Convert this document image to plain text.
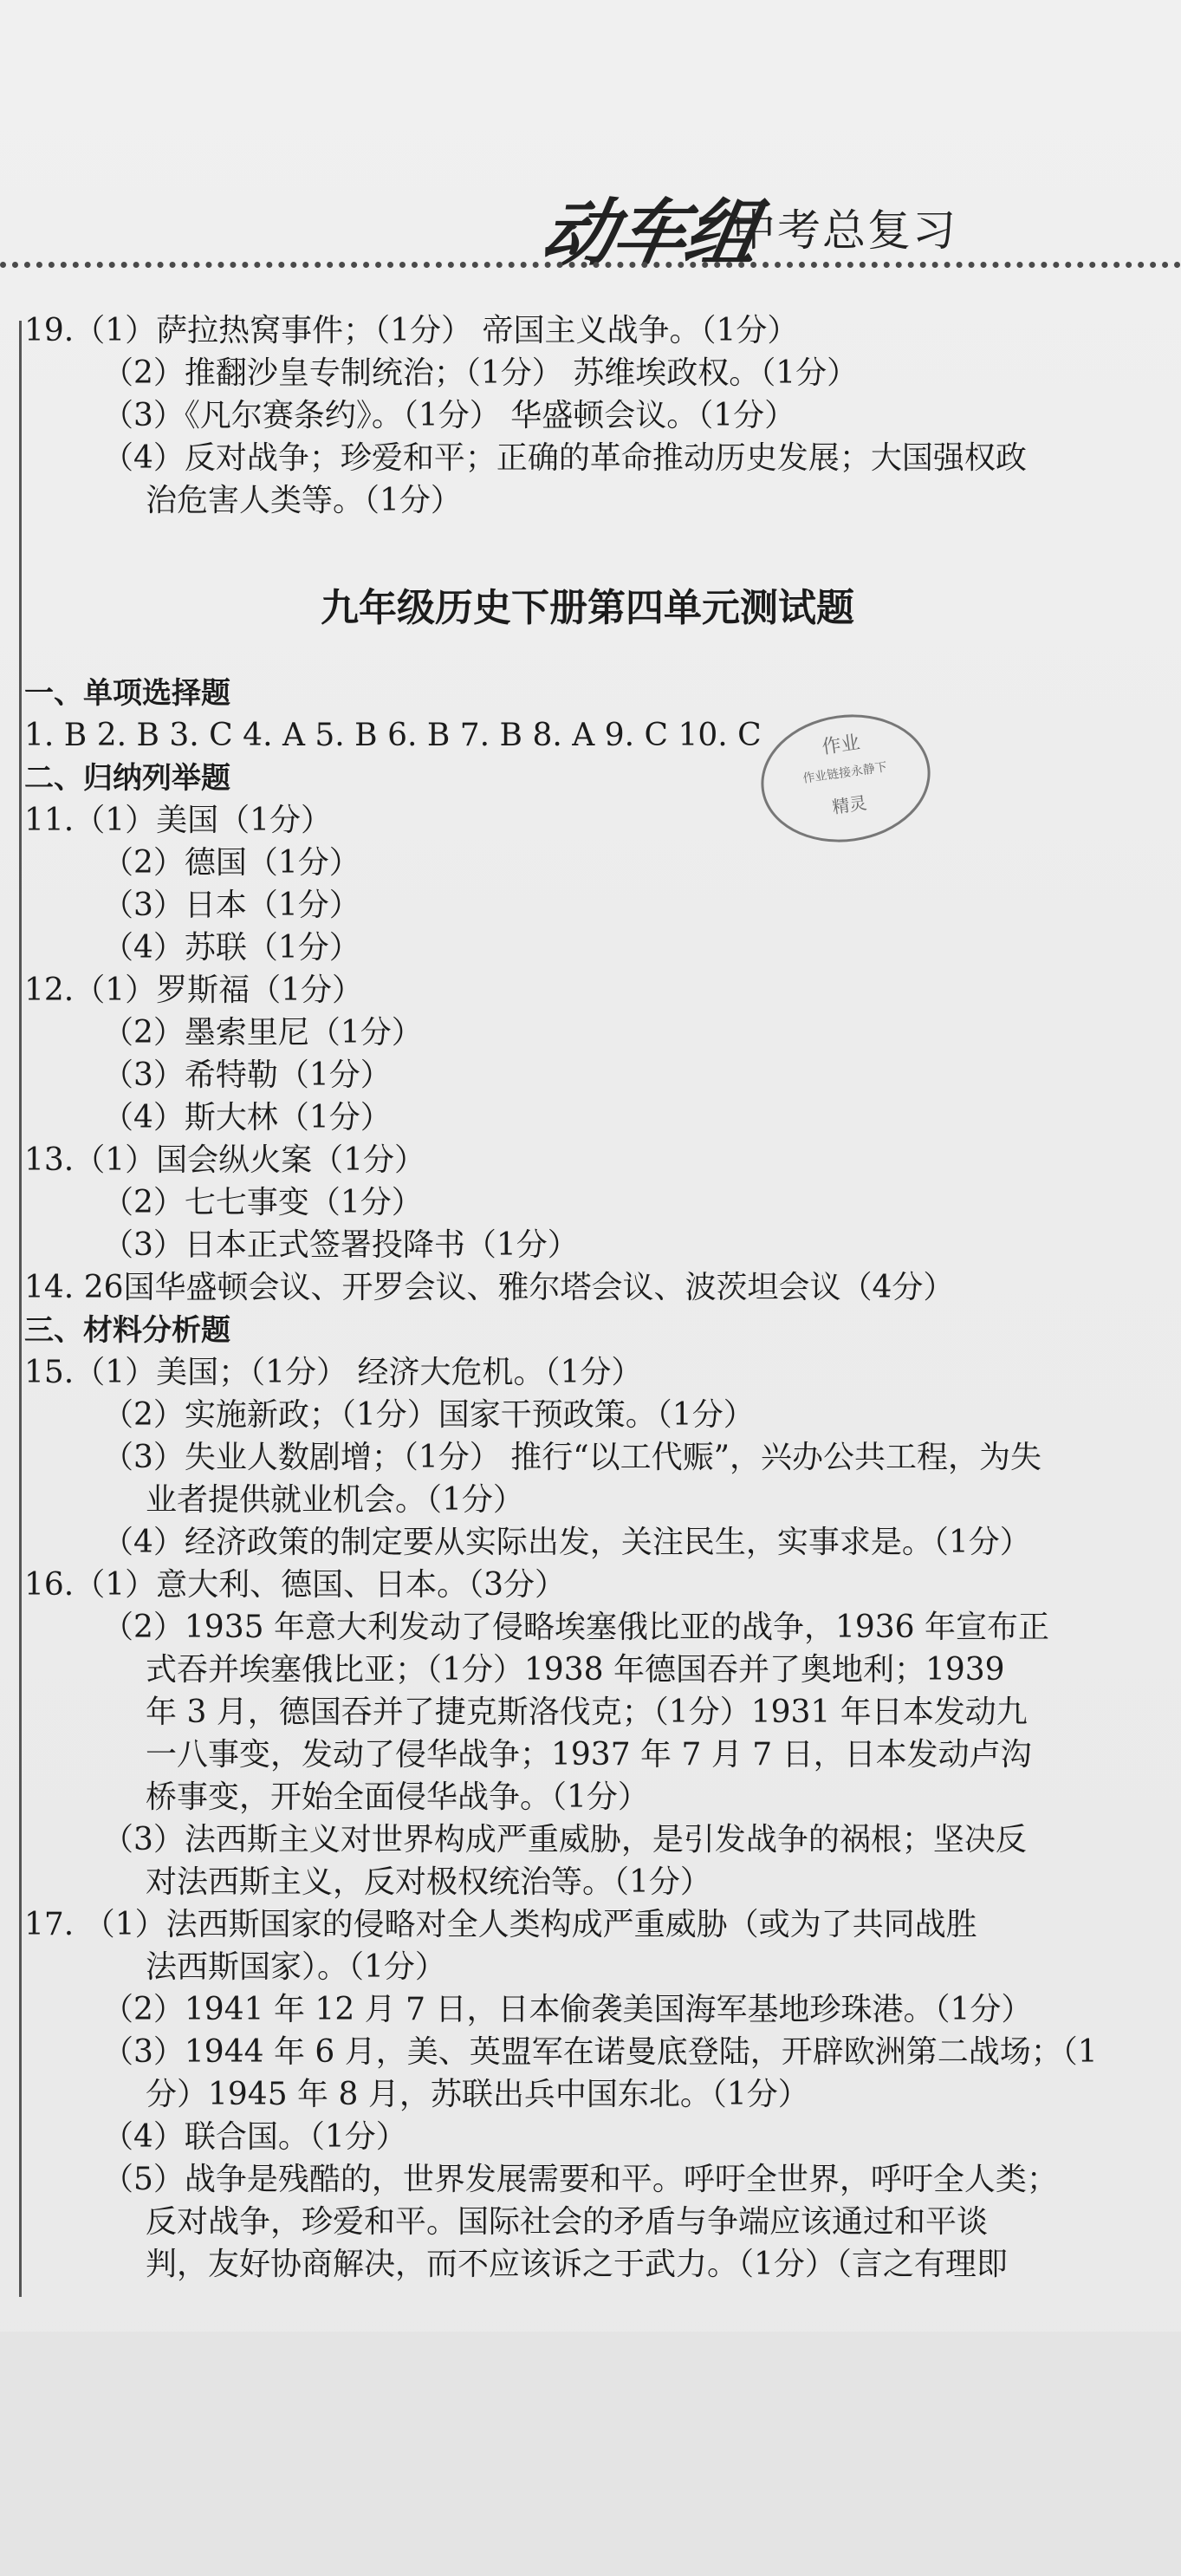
动车组
中考总复习
19.（1）萨拉热窝事件；（1分） 帝国主义战争。（1分）
（2）推翻沙皇专制统治；（1分） 苏维埃政权。（1分）
（3）《凡尔赛条约》。（1分） 华盛顿会议。（1分）
（4）反对战争；珍爱和平；正确的革命推动历史发展；大国强权政
治危害人类等。（1分）
九年级历史下册第四单元测试题
一、单项选择题
1. B 2. B 3. C 4. A 5. B 6. B 7. B 8. A 9. C 10. C
二、归纳列举题
11.（1）美国（1分）
（2）德国（1分）
（3）日本（1分）
（4）苏联（1分）
12.（1）罗斯福（1分）
（2）墨索里尼（1分）
（3）希特勒（1分）
（4）斯大林（1分）
13.（1）国会纵火案（1分）
（2）七七事变（1分）
（3）日本正式签署投降书（1分）
14. 26国华盛顿会议、开罗会议、雅尔塔会议、波茨坦会议（4分）
三、材料分析题
15.（1）美国；（1分） 经济大危机。（1分）
（2）实施新政；（1分）国家干预政策。（1分）
（3）失业人数剧增；（1分） 推行“以工代赈”，兴办公共工程，为失
业者提供就业机会。（1分）
（4）经济政策的制定要从实际出发，关注民生，实事求是。（1分）
16.（1）意大利、德国、日本。（3分）
（2）1935 年意大利发动了侵略埃塞俄比亚的战争，1936 年宣布正
式吞并埃塞俄比亚；（1分）1938 年德国吞并了奥地利；1939
年 3 月，德国吞并了捷克斯洛伐克；（1分）1931 年日本发动九
一八事变，发动了侵华战争；1937 年 7 月 7 日，日本发动卢沟
桥事变，开始全面侵华战争。（1分）
（3）法西斯主义对世界构成严重威胁，是引发战争的祸根；坚决反
对法西斯主义，反对极权统治等。（1分）
17. （1）法西斯国家的侵略对全人类构成严重威胁（或为了共同战胜
法西斯国家）。（1分）
（2）1941 年 12 月 7 日，日本偷袭美国海军基地珍珠港。（1分）
（3）1944 年 6 月，美、英盟军在诺曼底登陆，开辟欧洲第二战场；（1
分）1945 年 8 月，苏联出兵中国东北。（1分）
（4）联合国。（1分）
（5）战争是残酷的，世界发展需要和平。呼吁全世界，呼吁全人类；
反对战争，珍爱和平。国际社会的矛盾与争端应该通过和平谈
判，友好协商解决，而不应该诉之于武力。（1分）（言之有理即
作业
作业链接永静下
精灵
